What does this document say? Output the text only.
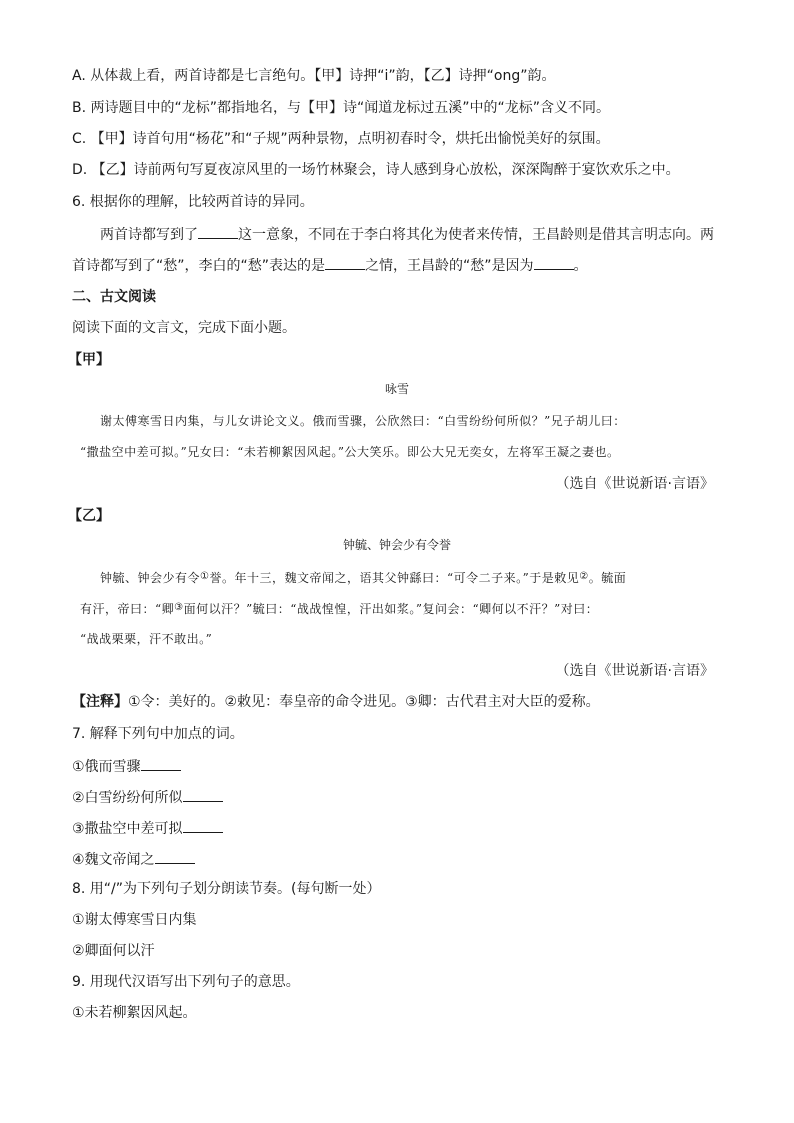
A. 从体裁上看，两首诗都是七言绝句。【甲】诗押“i”韵，【乙】诗押“ong”韵。
B. 两诗题目中的“龙标”都指地名，与【甲】诗“闻道龙标过五溪”中的“龙标”含义不同。
C. 【甲】诗首句用“杨花”和“子规”两种景物，点明初春时令，烘托出愉悦美好的氛围。
D. 【乙】诗前两句写夏夜凉风里的一场竹林聚会，诗人感到身心放松，深深陶醉于宴饮欢乐之中。
6. 根据你的理解，比较两首诗的异同。
两首诗都写到了	这一意象，不同在于李白将其化为使者来传情，王昌龄则是借其言明志向。两
首诗都写到了“愁”，李白的“愁”表达的是	之情，王昌龄的“愁”是因为	。
二、古文阅读
阅读下面的文言文，完成下面小题。
【甲】
咏雪
谢太傅寒雪日内集，与儿女讲论文义。俄而雪骤，公欣然曰：“白雪纷纷何所似？”兄子胡儿曰：
“撒盐空中差可拟。”兄女曰：“未若柳絮因风起。”公大笑乐。即公大兄无奕女，左将军王凝之妻也。
（选自《世说新语·言语》
【乙】
钟毓、钟会少有令誉
钟毓、钟会少有令①誉。年十三，魏文帝闻之，语其父钟繇曰：“可令二子来。”于是敕见②。毓面
有汗，帝曰：“卿③面何以汗？”毓曰：“战战惶惶，汗出如浆。”复问会：“卿何以不汗？”对曰：
“战战栗栗，汗不敢出。”
（选自《世说新语·言语》
【注释】①令：美好的。②敕见：奉皇帝的命令进见。③卿：古代君主对大臣的爱称。
7. 解释下列句中加点的词。
①俄而雪骤
②白雪纷纷何所似
③撒盐空中差可拟
④魏文帝闻之
8. 用“/”为下列句子划分朗读节奏。(每句断一处）
①谢太傅寒雪日内集
②卿面何以汗
9. 用现代汉语写出下列句子的意思。
①未若柳絮因风起。
